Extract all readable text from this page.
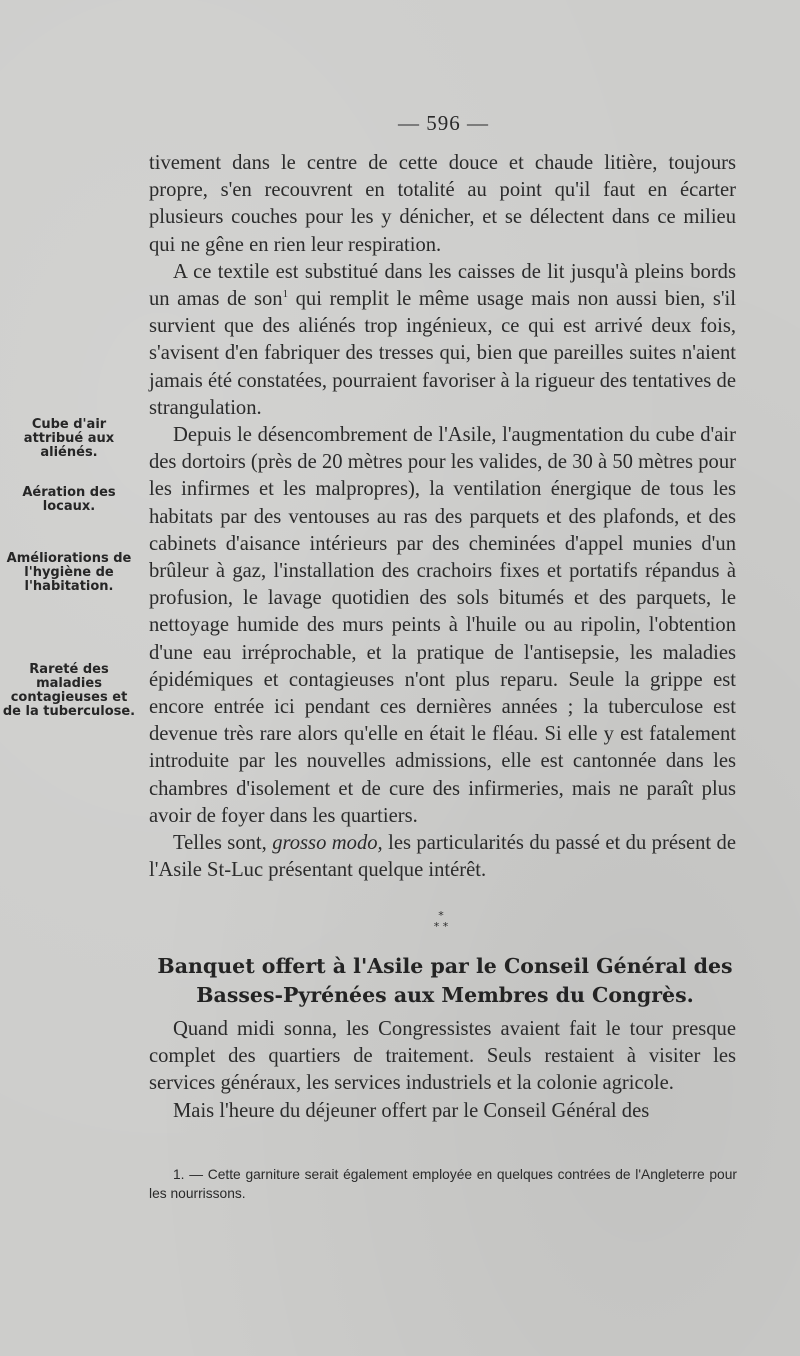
— 596 —

tivement dans le centre de cette douce et chaude litière, toujours propre, s'en recouvrent en totalité au point qu'il faut en écarter plusieurs couches pour les y dénicher, et se délectent dans ce milieu qui ne gêne en rien leur respiration.

A ce textile est substitué dans les caisses de lit jusqu'à pleins bords un amas de son$^1$ qui remplit le même usage mais non aussi bien, s'il survient que des aliénés trop ingénieux, ce qui est arrivé deux fois, s'avisent d'en fabriquer des tresses qui, bien que pareilles suites n'aient jamais été constatées, pourraient favoriser à la rigueur des tentatives de strangulation.

Depuis le désencombrement de l'Asile, l'augmentation du cube d'air des dortoirs (près de 20 mètres pour les valides, de 30 à 50 mètres pour les infirmes et les malpropres), la ventilation énergique de tous les habitats par des ventouses au ras des parquets et des plafonds, et des cabinets d'aisance intérieurs par des cheminées d'appel munies d'un brûleur à gaz, l'installation des crachoirs fixes et portatifs répandus à profusion, le lavage quotidien des sols bitumés et des parquets, le nettoyage humide des murs peints à l'huile ou au ripolin, l'obtention d'une eau irréprochable, et la pratique de l'antisepsie, les maladies épidémiques et contagieuses n'ont plus reparu. Seule la grippe est encore entrée ici pendant ces dernières années ; la tuberculose est devenue très rare alors qu'elle en était le fléau. Si elle y est fatalement introduite par les nouvelles admissions, elle est cantonnée dans les chambres d'isolement et de cure des infirmeries, mais ne paraît plus avoir de foyer dans les quartiers.

Telles sont, grosso modo, les particularités du passé et du présent de l'Asile St-Luc présentant quelque intérêt.

Cube d'air attribué aux aliénés.
Aération des locaux.
Améliorations de l'hygiène de l'habitation.
Rareté des maladies contagieuses et de la tuberculose.
*
* *
Banquet offert à l'Asile par le Conseil Général des Basses-Pyrénées aux Membres du Congrès.

Quand midi sonna, les Congressistes avaient fait le tour presque complet des quartiers de traitement. Seuls restaient à visiter les services généraux, les services industriels et la colonie agricole.

Mais l'heure du déjeuner offert par le Conseil Général des

1. — Cette garniture serait également employée en quelques contrées de l'Angleterre pour les nourrissons.
